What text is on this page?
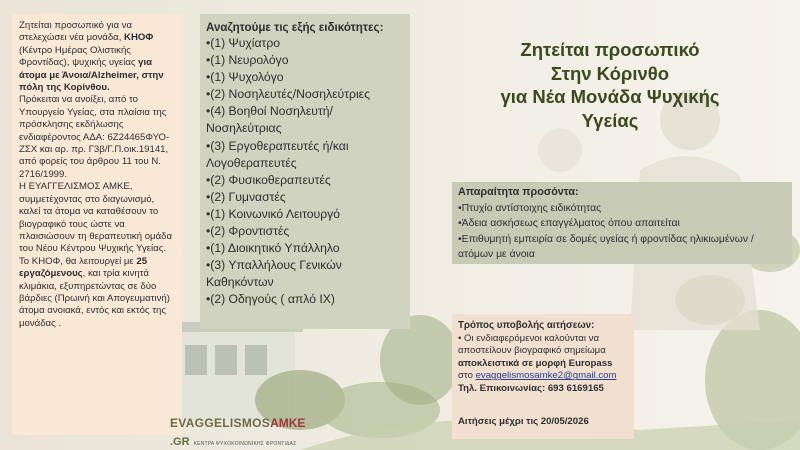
Ζητείται προσωπικό για να στελεχώσει νέα μονάδα, ΚΗΟΦ (Κέντρο Ημέρας Ολιστικής Φροντίδας), ψυχικής υγείας για άτομα με Άνοια/Alzheimer, στην πόλη της Κορίνθου.

Πρόκειται να ανοίξει, από το Υπουργείο Υγείας, στα πλαίσια της πρόσκλησης εκδήλωσης ενδιαφέροντος ΑΔΑ: 6Ζ24465ΦΥΟ-ΖΣΧ και αρ. πρ. Γ3β/Γ.Π.οικ.19141, από φορείς του άρθρου 11 του Ν. 2716/1999.

Η ΕΥΑΓΓΕΛΙΣΜΟΣ ΑΜΚΕ, συμμετέχοντας στο διαγωνισμό, καλεί τα άτομα να καταθέσουν το βιογραφικό τους ώστε να πλαισιώσουν τη θεραπευτική ομάδα του Νέου Κέντρου Ψυχικής Υγείας.

Το ΚΗΟΦ, θα λειτουργεί με 25 εργαζόμενους, και τρία κινητά κλιμάκια, εξυπηρετώντας σε δύο βάρδιες (Πρωινή και Απογευματινή) άτομα ανοιακά, εντός και εκτός της μονάδας .

Αναζητούμε τις εξής ειδικότητες:
•(1) Ψυχίατρο
•(1) Νευρολόγο
•(1) Ψυχολόγο
•(2) Νοσηλευτές/Νοσηλεύτριες
•(4) Βοηθοί Νοσηλευτή/Νοσηλεύτριας
•(3) Εργοθεραπευτές ή/και Λογοθεραπευτές
•(2) Φυσικοθεραπευτές
•(2) Γυμναστές
•(1) Κοινωνικό Λειτουργό
•(2) Φροντιστές
•(1) Διοικητικό Υπάλληλο
•(3) Υπαλλήλους Γενικών Καθηκόντων
•(2) Οδηγούς ( απλό ΙΧ)
Ζητείται προσωπικό
Στην Κόρινθο
για Νέα Μονάδα Ψυχικής
Υγείας
Απαραίτητα προσόντα:
•Πτυχίο αντίστοιχης ειδικότητας
•Άδεια ασκήσεως επαγγέλματος όπου απαιτείται
•Επιθυμητή εμπειρία σε δομές υγείας ή φροντίδας ηλικιωμένων / ατόμων με άνοια
Τρόπος υποβολής αιτήσεων:
• Οι ενδιαφερόμενοι καλούνται να αποστείλουν βιογραφικό σημείωμα αποκλειστικά σε μορφή Europass στο evaggelismosamke2@gmail.com
Τηλ. Επικοινωνίας: 693 6169165
Αιτήσεις μέχρι τις 20/05/2026
EVAGGELISMOSAMKE
.GR ΚΕΝΤΡΑ ΨΥΧΟΚΟΙΝΩΝΙΚΗΣ ΦΡΟΝΤΙΔΑΣ
